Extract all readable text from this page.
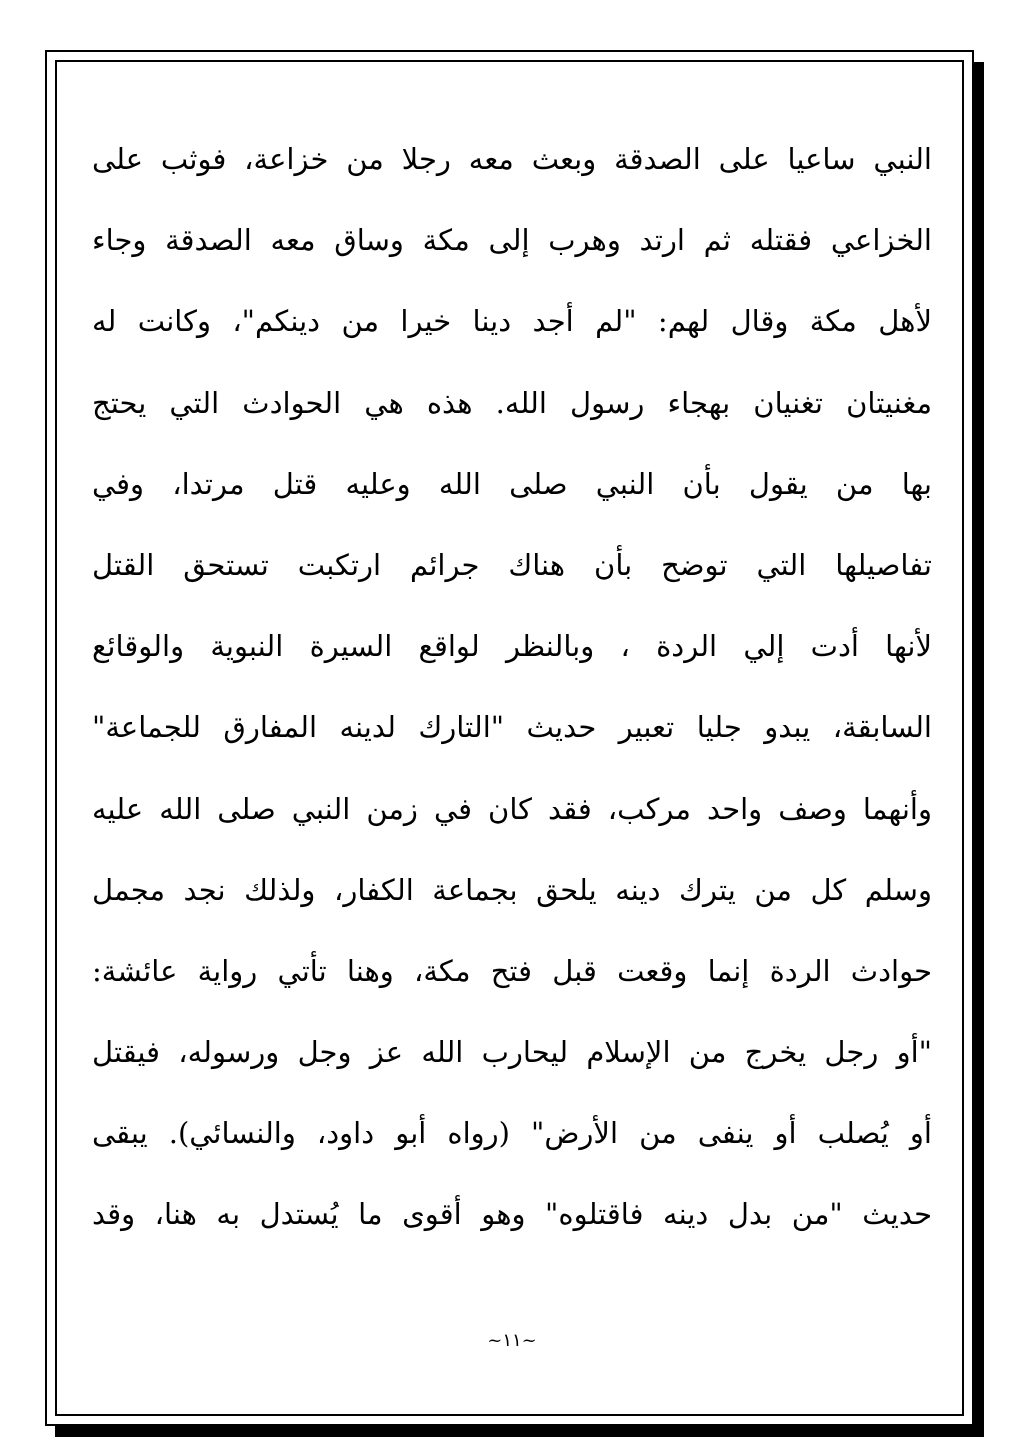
النبي ساعيا على الصدقة وبعث معه رجلا من خزاعة، فوثب على
الخزاعي فقتله ثم ارتد وهرب إلى مكة وساق معه الصدقة وجاء
لأهل مكة وقال لهم: "لم أجد دينا خيرا من دينكم"، وكانت له
مغنيتان تغنيان بهجاء رسول الله. هذه هي الحوادث التي يحتج
بها من يقول بأن النبي صلى الله وعليه قتل مرتدا، وفي
تفاصيلها التي توضح بأن هناك جرائم ارتكبت تستحق القتل
لأنها أدت إلي الردة ، وبالنظر لواقع السيرة النبوية والوقائع
السابقة، يبدو جليا تعبير حديث "التارك لدينه المفارق للجماعة"
وأنهما وصف واحد مركب، فقد كان في زمن النبي صلى الله عليه
وسلم كل من يترك دينه يلحق بجماعة الكفار، ولذلك نجد مجمل
حوادث الردة إنما وقعت قبل فتح مكة، وهنا تأتي رواية عائشة:
"أو رجل يخرج من الإسلام ليحارب الله عز وجل ورسوله، فيقتل
أو يُصلب أو ينفى من الأرض" (رواه أبو داود، والنسائي). يبقى
حديث "من بدل دينه فاقتلوه" وهو أقوى ما يُستدل به هنا، وقد
~١١~
